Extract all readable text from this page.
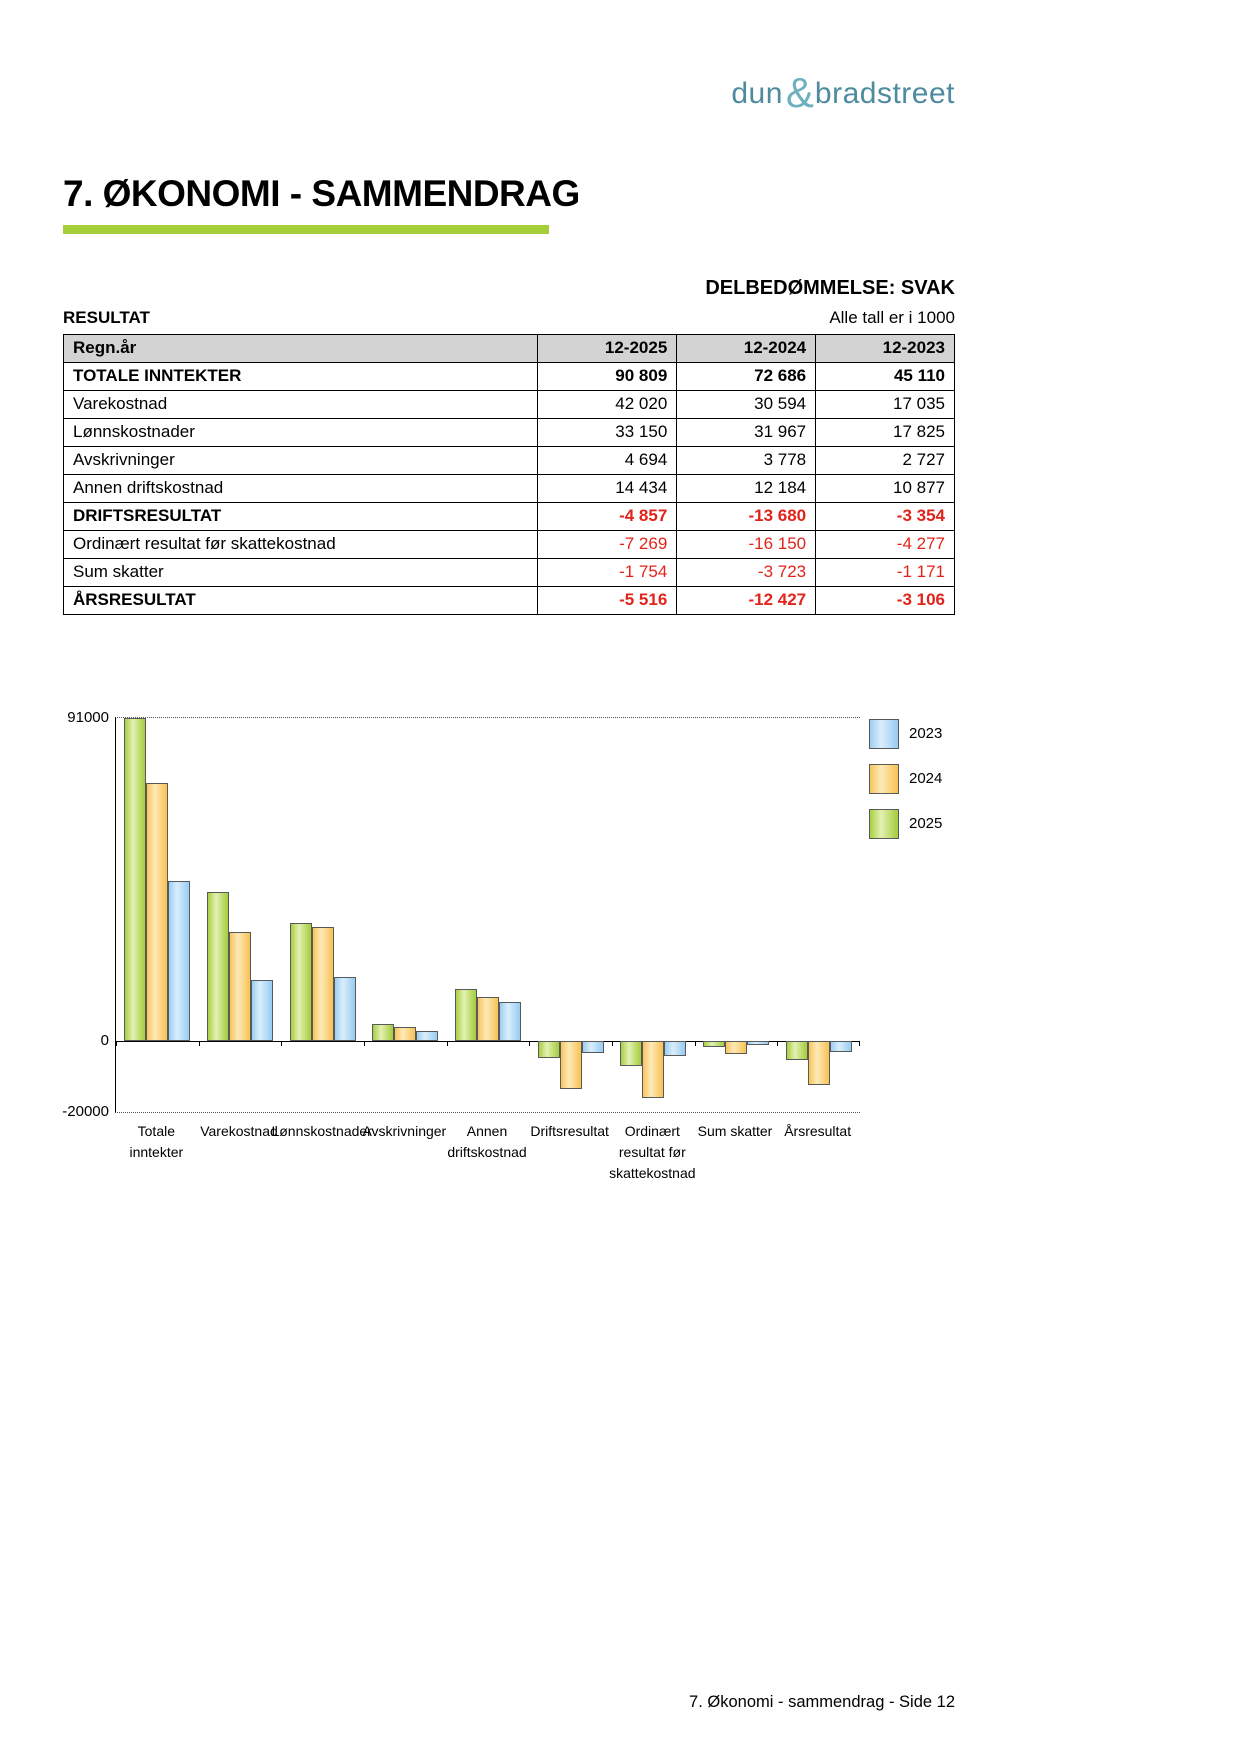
dun&bradstreet
7. ØKONOMI - SAMMENDRAG
DELBEDØMMELSE: SVAK
RESULTAT	Alle tall er i 1000
Regn.år	12-2025	12-2024	12-2023
TOTALE INNTEKTER	90 809	72 686	45 110
Varekostnad	42 020	30 594	17 035
Lønnskostnader	33 150	31 967	17 825
Avskrivninger	4 694	3 778	2 727
Annen driftskostnad	14 434	12 184	10 877
DRIFTSRESULTAT	-4 857	-13 680	-3 354
Ordinært resultat før skattekostnad	-7 269	-16 150	-4 277
Sum skatter	-1 754	-3 723	-1 171
ÅRSRESULTAT	-5 516	-12 427	-3 106
91000
0
-20000
Totale
inntekter
Varekostnad
Lønnskostnader
Avskrivninger	Annen
driftskostnad
Driftsresultat	Ordinært
resultat før
skattekostnad
Sum skatter Årsresultat
2023
2024
2025
7. Økonomi - sammendrag - Side 12
